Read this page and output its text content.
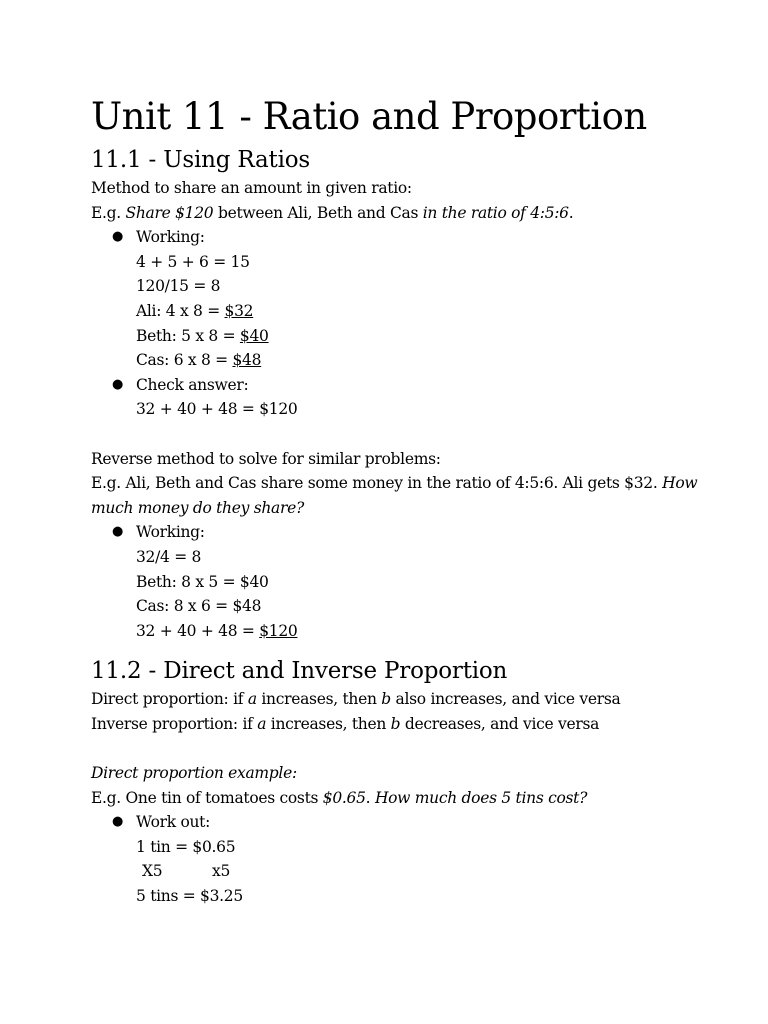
Unit 11 - Ratio and Proportion
11.1 - Using Ratios

Method to share an amount in given ratio:

E.g. Share $120 between Ali, Beth and Cas in the ratio of 4:5:6.

● Working:

4 + 5 + 6 = 15

120/15 = 8

Ali: 4 x 8 = $32

Beth: 5 x 8 = $40

Cas: 6 x 8 = $48

● Check answer:

32 + 40 + 48 = $120

Reverse method to solve for similar problems:

E.g. Ali, Beth and Cas share some money in the ratio of 4:5:6. Ali gets $32. How much money do they share?

● Working:

32/4 = 8

Beth: 8 x 5 = $40

Cas: 8 x 6 = $48

32 + 40 + 48 = $120

11.2 - Direct and Inverse Proportion

Direct proportion: if a increases, then b also increases, and vice versa

Inverse proportion: if a increases, then b decreases, and vice versa

Direct proportion example:

E.g. One tin of tomatoes costs $0.65. How much does 5 tins cost?

● Work out:

1 tin = $0.65

X5	x5

5 tins = $3.25
